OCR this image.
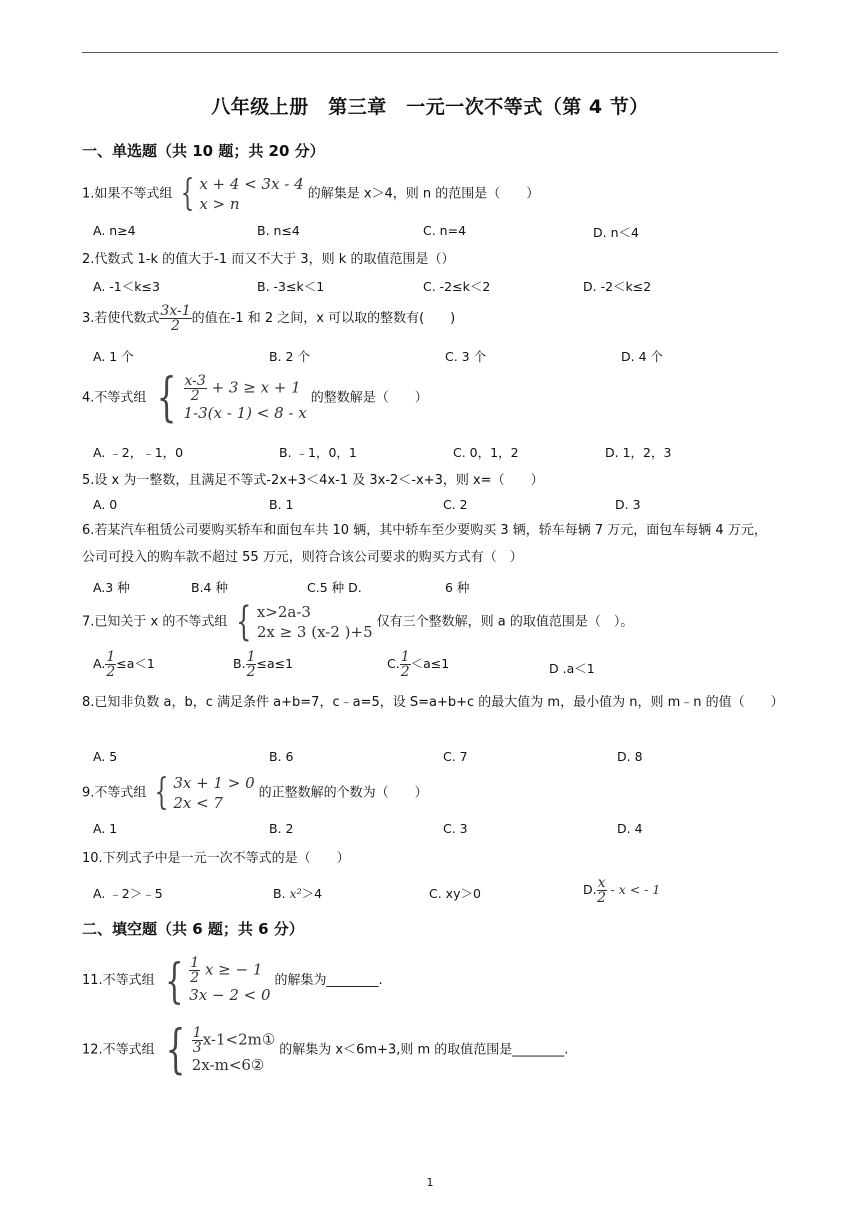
八年级上册　第三章　一元一次不等式（第 4 节）
一、单选题（共 10 题；共 20 分）
1.如果不等式组 { x + 4 < 3x - 4
x > n
的解集是 x＞4，则 n 的范围是（　　）
A. n≥4	B. n≤4	C. n=4	D. n＜4
2.代数式 1-k 的值大于-1 而又不大于 3，则 k 的取值范围是（）
A. -1＜k≤3	B. -3≤k＜1	C. -2≤k＜2	D. -2＜k≤2
3.若使代数式 $\frac{3x-1}{2}$ 的值在-1 和 2 之间，x 可以取的整数有(　　)
A. 1 个	B. 2 个	C. 3 个	D. 4 个
4.不等式组 { $\frac{x-3}{2} + 3 \ge x + 1$
1-3(x - 1) < 8 - x
的整数解是（　　）
A. ﹣2，﹣1，0	B. ﹣1，0，1	C. 0，1，2	D. 1，2，3
5.设 x 为一整数，且满足不等式-2x+3＜4x-1 及 3x-2＜-x+3，则 x=（　　）
A. 0	B. 1	C. 2	D. 3
6.若某汽车租赁公司要购买轿车和面包车共 10 辆，其中轿车至少要购买 3 辆，轿车每辆 7 万元，面包车每辆 4 万元，公司可投入的购车款不超过 55 万元，则符合该公司要求的购买方式有（　）
A.3 种	B.4 种	C.5 种 D.	6 种
7.已知关于 x 的不等式组 { x>2a-3
2x ≥ 3 (x-2 )+5
仅有三个整数解，则 a 的取值范围是（　）。
A. $\frac{1}{2} \le a<1$	B. $\frac{1}{2} \le a\le 1$	C. $\frac{1}{2} <a\le 1$	D .a＜1
8.已知非负数 a，b，c 满足条件 a+b=7，c﹣a=5，设 S=a+b+c 的最大值为 m，最小值为 n，则 m﹣n 的值（　　）
A. 5	B. 6	C. 7	D. 8
9.不等式组 { 3x + 1 > 0
2x < 7
的正整数解的个数为（　　）
A. 1	B. 2	C. 3	D. 4
10.下列式子中是一元一次不等式的是（　　）
A. ﹣2＞﹣5	B. x²＞4	C. xy＞0	D. $\frac{x}{2}$ - x < - 1
二、填空题（共 6 题；共 6 分）
11.不等式组 { $\frac{1}{2}$ x ≥ − 1
3x − 2 < 0
的解集为________.
12.不等式组 { $\frac{1}{3}$ x-1<2m①
2x-m<6②
的解集为 x＜6m+3,则 m 的取值范围是________.
1
